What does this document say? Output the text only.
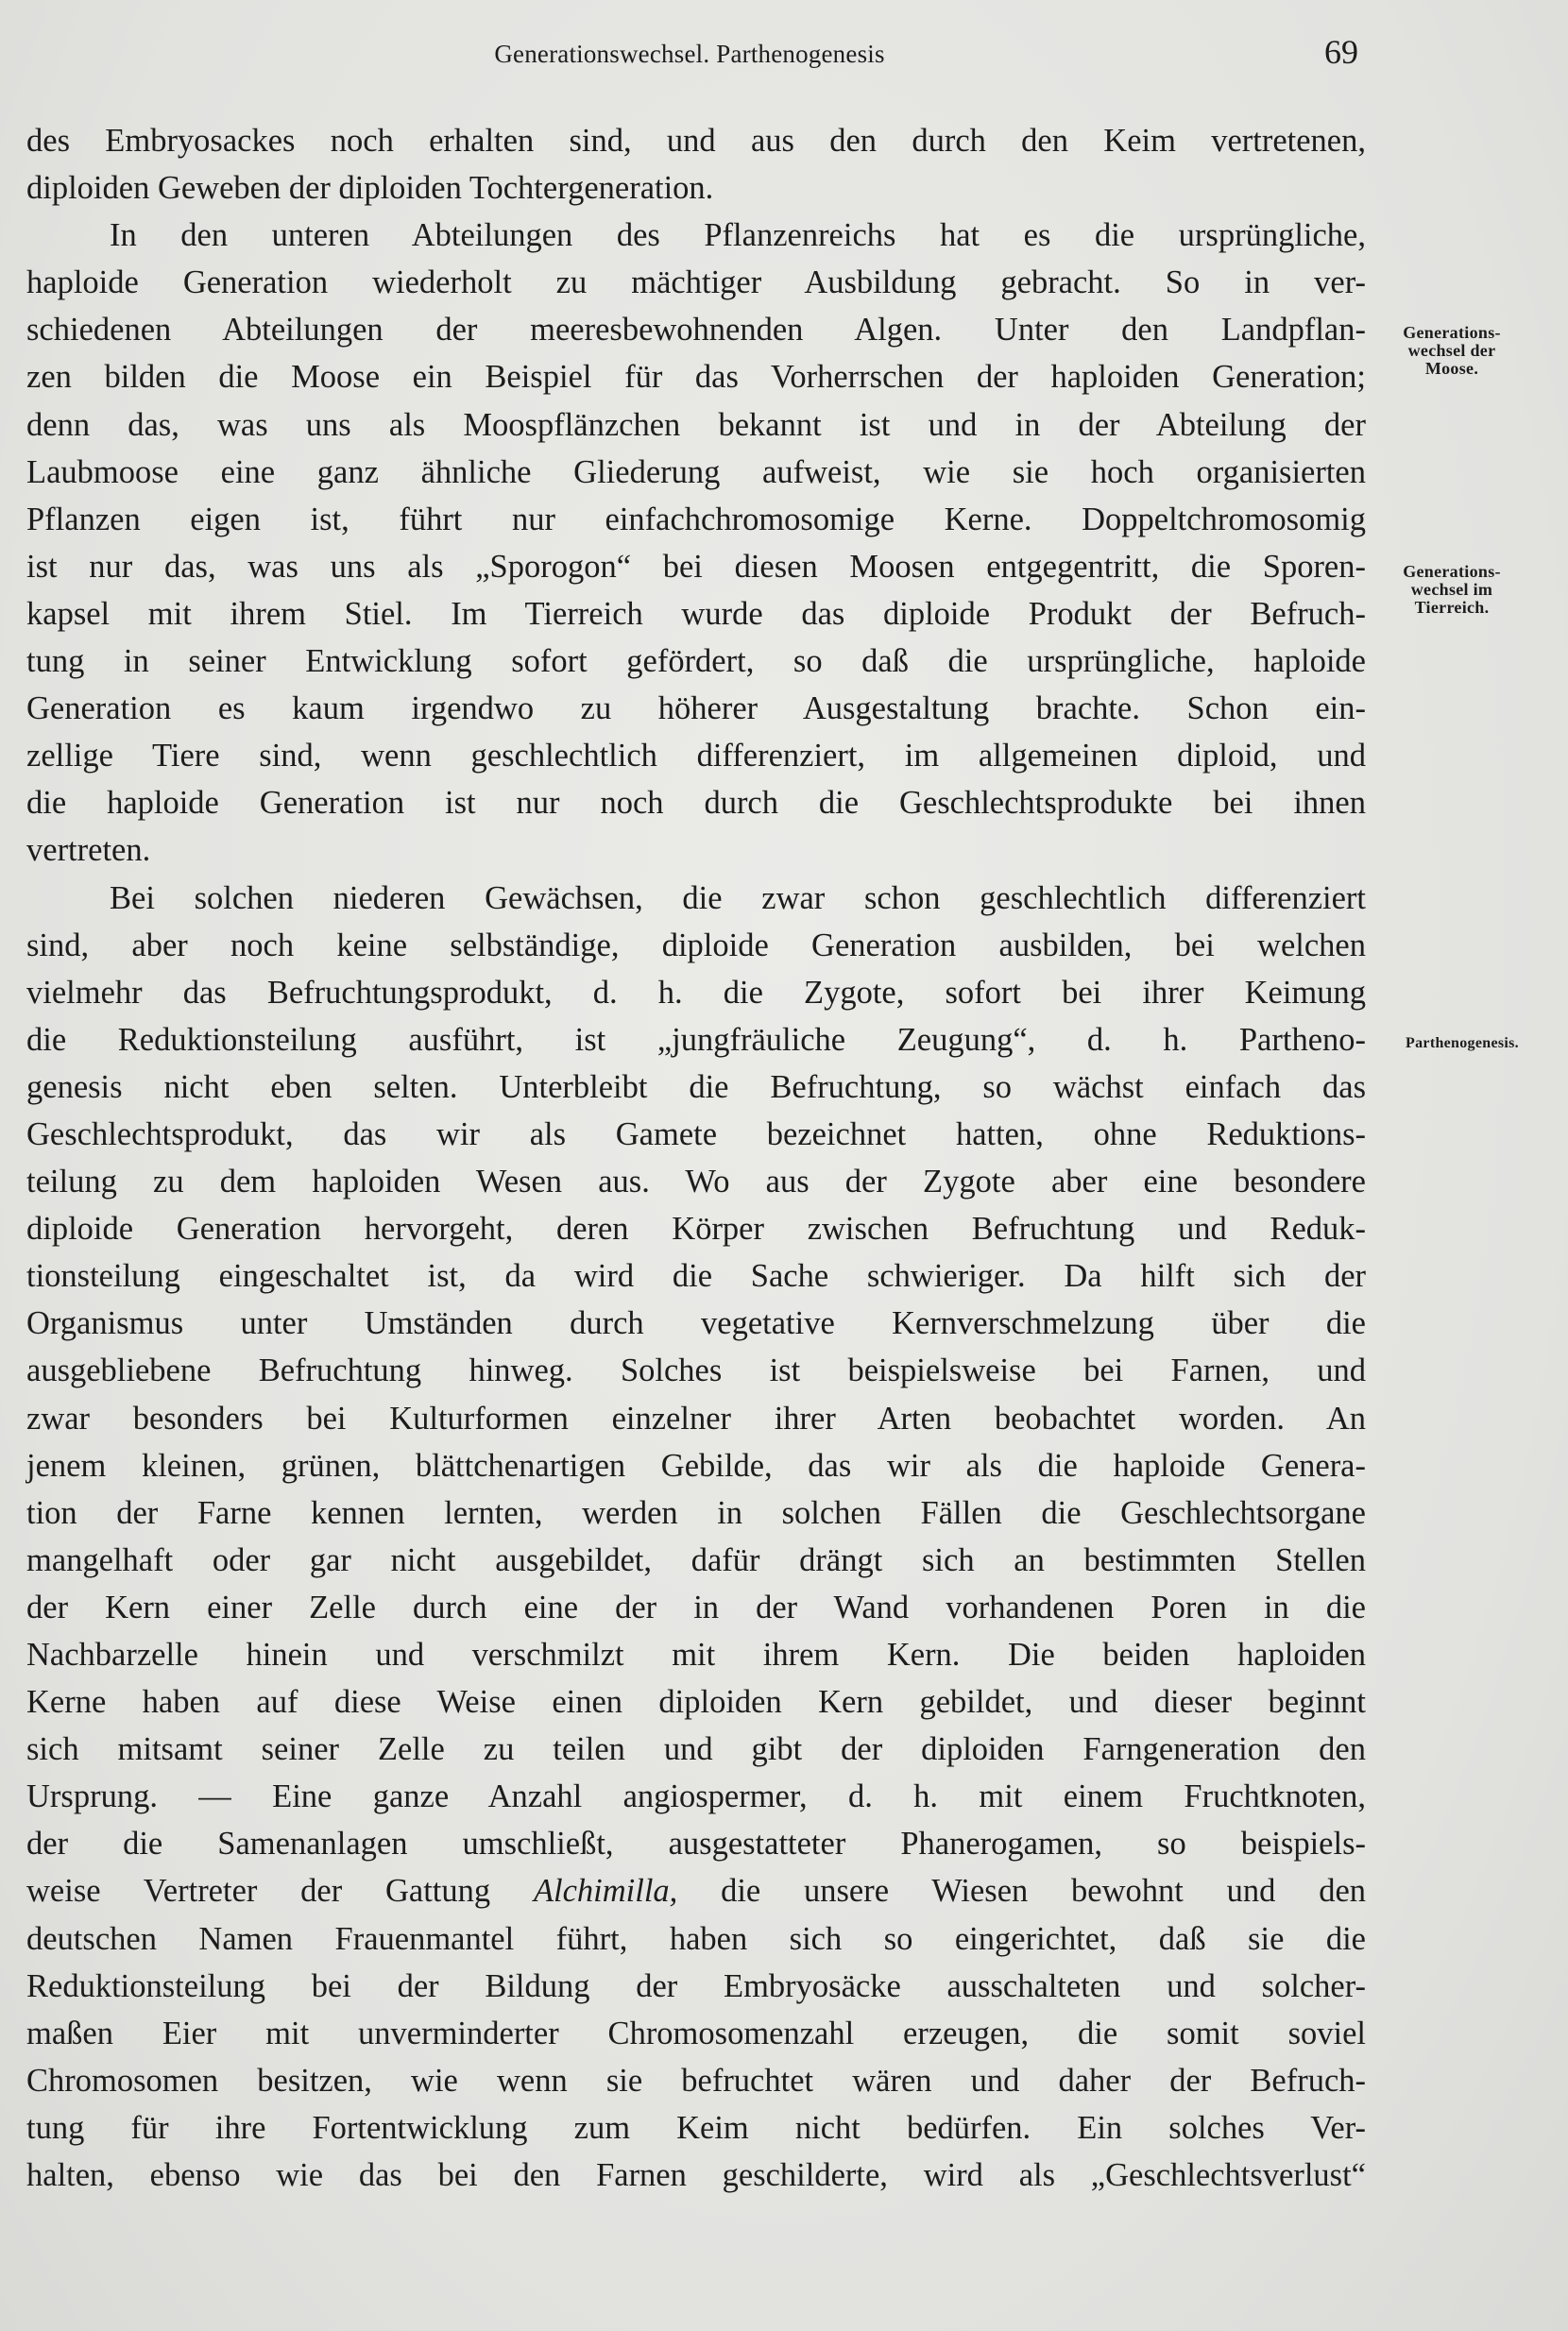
Generationswechsel. Parthenogenesis	69
des Embryosackes noch erhalten sind, und aus den durch den Keim vertretenen,
diploiden Geweben der diploiden Tochtergeneration.
In den unteren Abteilungen des Pflanzenreichs hat es die ursprüngliche,
haploide Generation wiederholt zu mächtiger Ausbildung gebracht. So in ver-
schiedenen Abteilungen der meeresbewohnenden Algen. Unter den Landpflan-
zen bilden die Moose ein Beispiel für das Vorherrschen der haploiden Generation;
denn das, was uns als Moospflänzchen bekannt ist und in der Abteilung der
Laubmoose eine ganz ähnliche Gliederung aufweist, wie sie hoch organisierten
Pflanzen eigen ist, führt nur einfachchromosomige Kerne. Doppeltchromosomig
ist nur das, was uns als „Sporogon“ bei diesen Moosen entgegentritt, die Sporen-
kapsel mit ihrem Stiel. Im Tierreich wurde das diploide Produkt der Befruch-
tung in seiner Entwicklung sofort gefördert, so daß die ursprüngliche, haploide
Generation es kaum irgendwo zu höherer Ausgestaltung brachte. Schon ein-
zellige Tiere sind, wenn geschlechtlich differenziert, im allgemeinen diploid, und
die haploide Generation ist nur noch durch die Geschlechtsprodukte bei ihnen
vertreten.
Bei solchen niederen Gewächsen, die zwar schon geschlechtlich differenziert
sind, aber noch keine selbständige, diploide Generation ausbilden, bei welchen
vielmehr das Befruchtungsprodukt, d. h. die Zygote, sofort bei ihrer Keimung
die Reduktionsteilung ausführt, ist „jungfräuliche Zeugung“, d. h. Partheno-
genesis nicht eben selten. Unterbleibt die Befruchtung, so wächst einfach das
Geschlechtsprodukt, das wir als Gamete bezeichnet hatten, ohne Reduktions-
teilung zu dem haploiden Wesen aus. Wo aus der Zygote aber eine besondere
diploide Generation hervorgeht, deren Körper zwischen Befruchtung und Reduk-
tionsteilung eingeschaltet ist, da wird die Sache schwieriger. Da hilft sich der
Organismus unter Umständen durch vegetative Kernverschmelzung über die
ausgebliebene Befruchtung hinweg. Solches ist beispielsweise bei Farnen, und
zwar besonders bei Kulturformen einzelner ihrer Arten beobachtet worden. An
jenem kleinen, grünen, blättchenartigen Gebilde, das wir als die haploide Genera-
tion der Farne kennen lernten, werden in solchen Fällen die Geschlechtsorgane
mangelhaft oder gar nicht ausgebildet, dafür drängt sich an bestimmten Stellen
der Kern einer Zelle durch eine der in der Wand vorhandenen Poren in die
Nachbarzelle hinein und verschmilzt mit ihrem Kern. Die beiden haploiden
Kerne haben auf diese Weise einen diploiden Kern gebildet, und dieser beginnt
sich mitsamt seiner Zelle zu teilen und gibt der diploiden Farngeneration den
Ursprung. — Eine ganze Anzahl angiospermer, d. h. mit einem Fruchtknoten,
der die Samenanlagen umschließt, ausgestatteter Phanerogamen, so beispiels-
weise Vertreter der Gattung Alchimilla, die unsere Wiesen bewohnt und den
deutschen Namen Frauenmantel führt, haben sich so eingerichtet, daß sie die
Reduktionsteilung bei der Bildung der Embryosäcke ausschalteten und solcher-
maßen Eier mit unverminderter Chromosomenzahl erzeugen, die somit soviel
Chromosomen besitzen, wie wenn sie befruchtet wären und daher der Befruch-
tung für ihre Fortentwicklung zum Keim nicht bedürfen. Ein solches Ver-
halten, ebenso wie das bei den Farnen geschilderte, wird als „Geschlechtsverlust“
Generations-
wechsel der
Moose.
Generations-
wechsel im
Tierreich.
Parthenogenesis.
